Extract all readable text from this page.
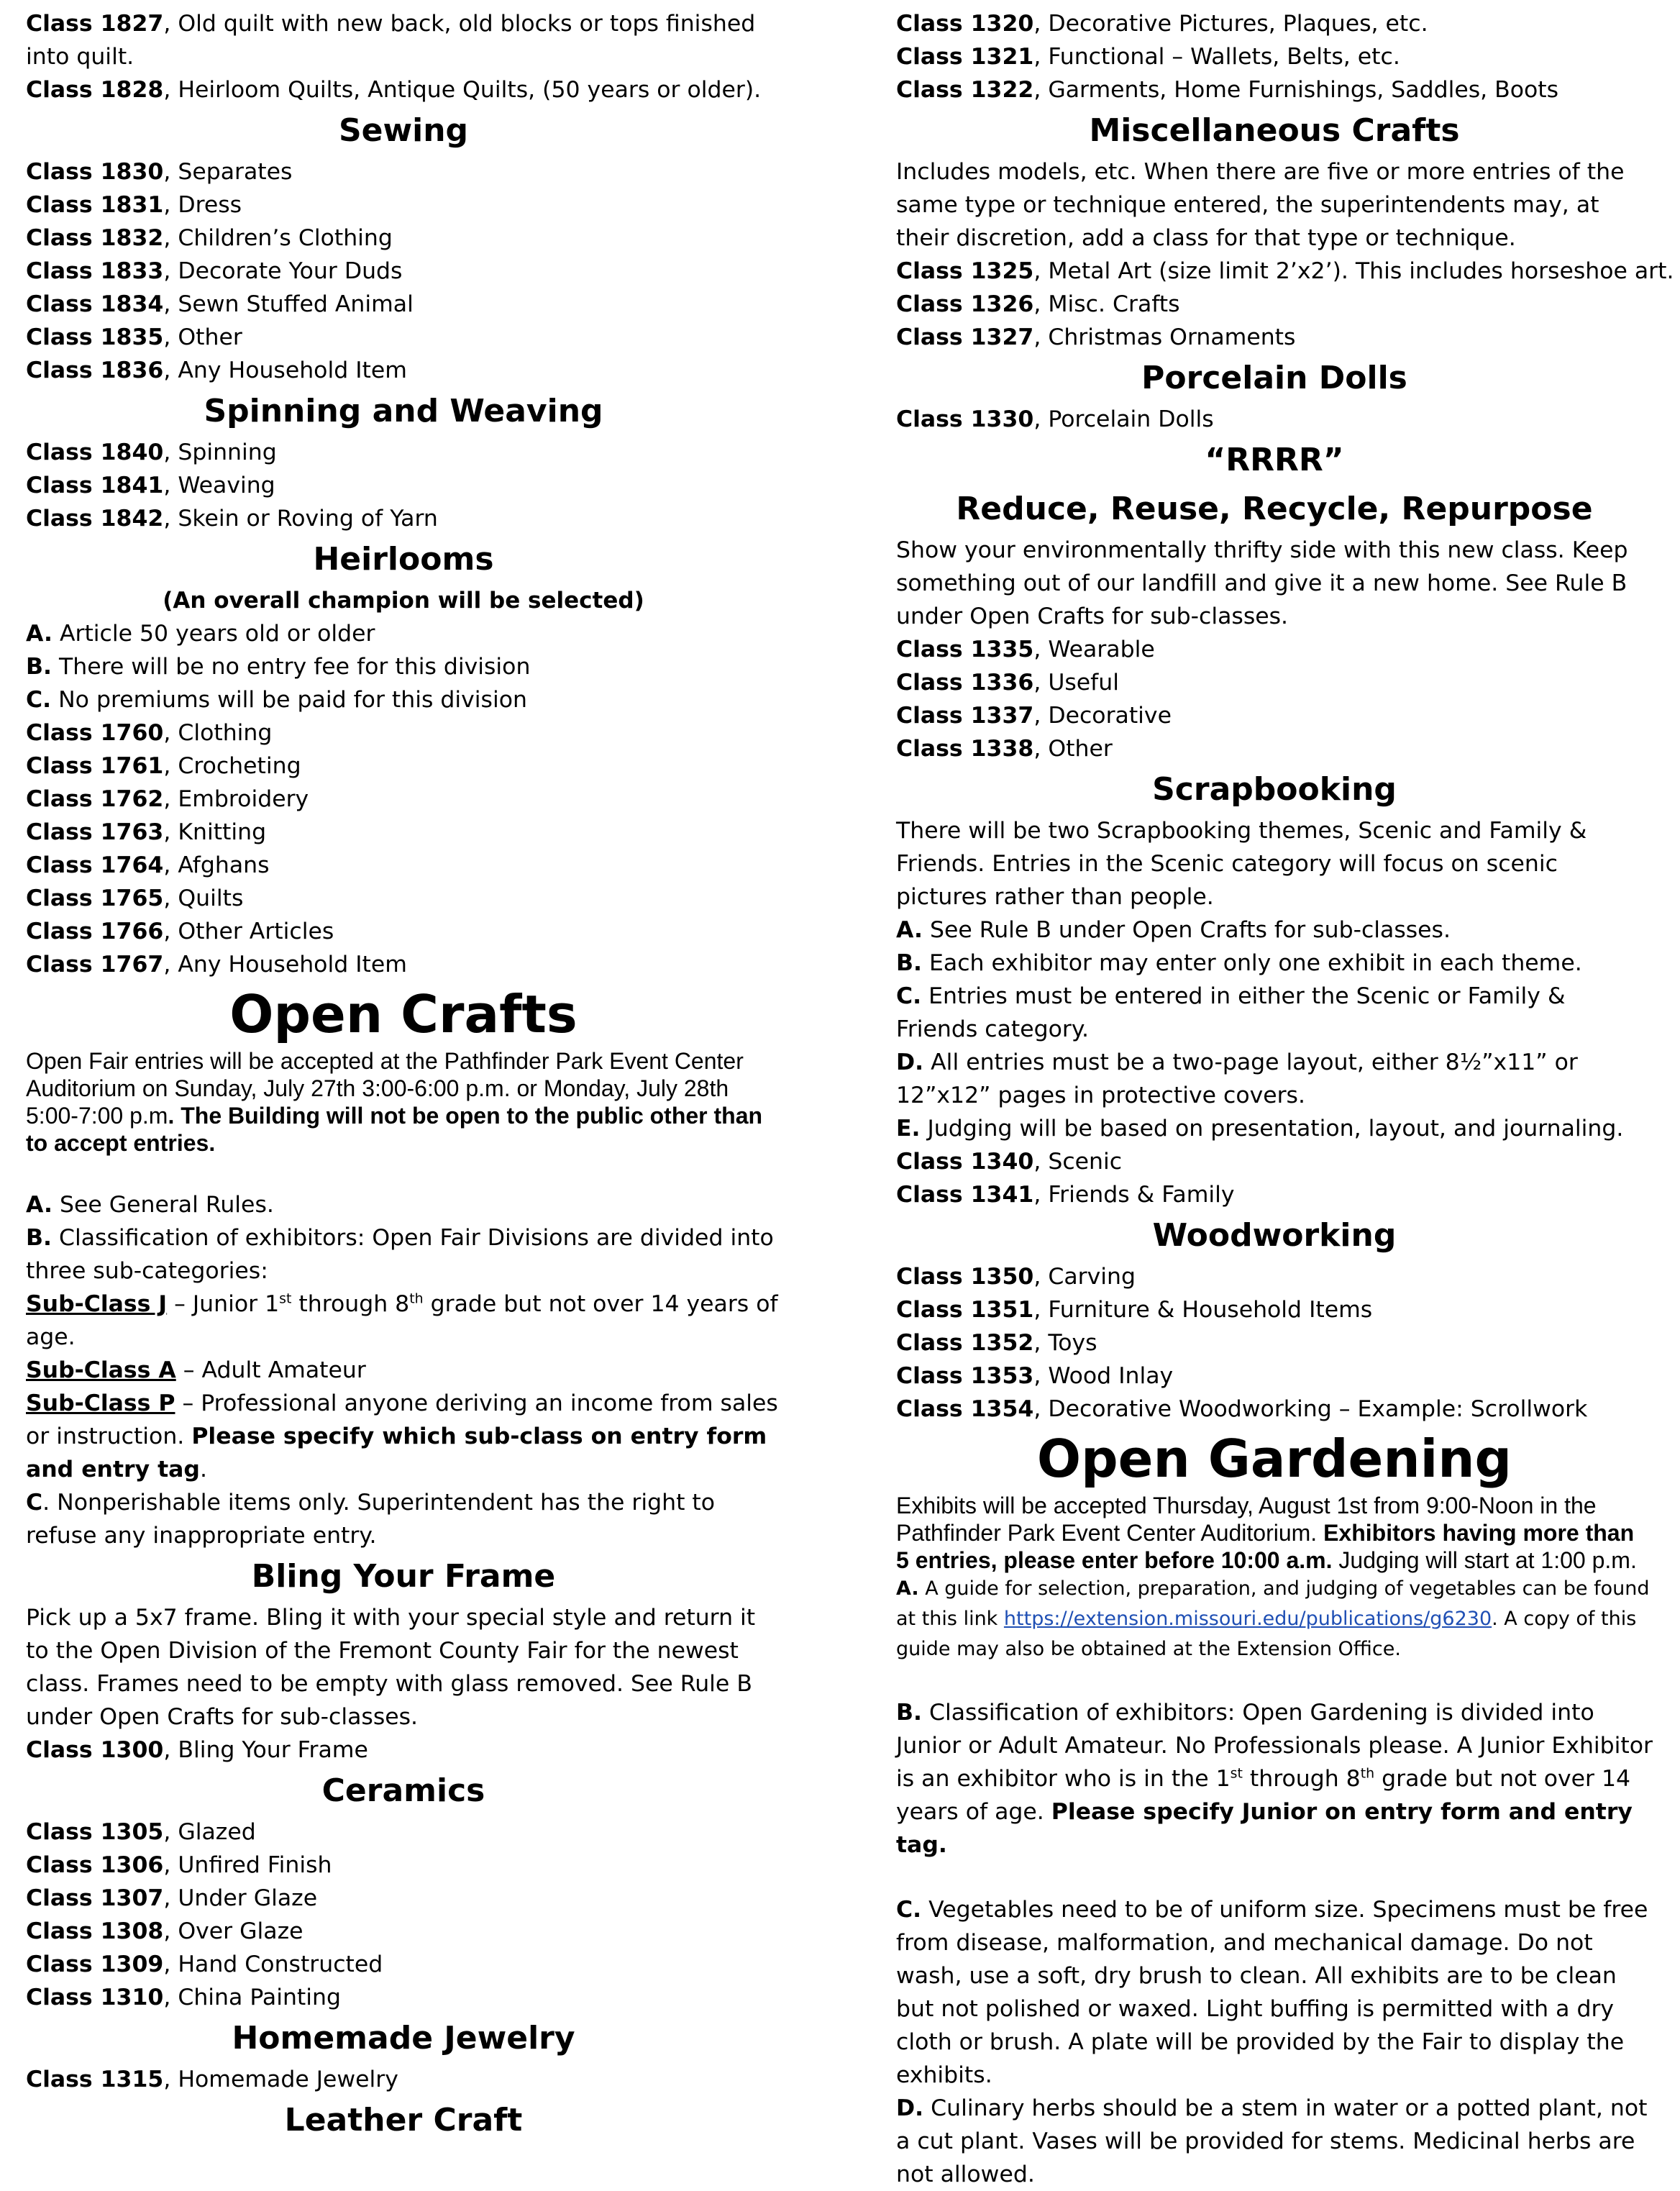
Class 1827, Old quilt with new back, old blocks or tops finished into quilt.
Class 1828, Heirloom Quilts, Antique Quilts, (50 years or older).
Sewing
Class 1830, Separates
Class 1831, Dress
Class 1832, Children’s Clothing
Class 1833, Decorate Your Duds
Class 1834, Sewn Stuffed Animal
Class 1835, Other
Class 1836, Any Household Item
Spinning and Weaving
Class 1840, Spinning
Class 1841, Weaving
Class 1842, Skein or Roving of Yarn
Heirlooms
(An overall champion will be selected)
A. Article 50 years old or older
B. There will be no entry fee for this division
C. No premiums will be paid for this division
Class 1760, Clothing
Class 1761, Crocheting
Class 1762, Embroidery
Class 1763, Knitting
Class 1764, Afghans
Class 1765, Quilts
Class 1766, Other Articles
Class 1767, Any Household Item
Open Crafts
Open Fair entries will be accepted at the Pathfinder Park Event Center Auditorium on Sunday, July 27th 3:00-6:00 p.m. or Monday, July 28th 5:00-7:00 p.m. The Building will not be open to the public other than to accept entries.
A. See General Rules.
B. Classification of exhibitors: Open Fair Divisions are divided into three sub-categories:
Sub-Class J – Junior 1st through 8th grade but not over 14 years of age.
Sub-Class A – Adult Amateur
Sub-Class P – Professional anyone deriving an income from sales or instruction. Please specify which sub-class on entry form and entry tag.
C. Nonperishable items only. Superintendent has the right to refuse any inappropriate entry.
Bling Your Frame
Pick up a 5x7 frame. Bling it with your special style and return it to the Open Division of the Fremont County Fair for the newest class. Frames need to be empty with glass removed. See Rule B under Open Crafts for sub-classes.
Class 1300, Bling Your Frame
Ceramics
Class 1305, Glazed
Class 1306, Unfired Finish
Class 1307, Under Glaze
Class 1308, Over Glaze
Class 1309, Hand Constructed
Class 1310, China Painting
Homemade Jewelry
Class 1315, Homemade Jewelry
Leather Craft
Class 1320, Decorative Pictures, Plaques, etc.
Class 1321, Functional – Wallets, Belts, etc.
Class 1322, Garments, Home Furnishings, Saddles, Boots
Miscellaneous Crafts
Includes models, etc. When there are five or more entries of the same type or technique entered, the superintendents may, at their discretion, add a class for that type or technique.
Class 1325, Metal Art (size limit 2’x2’). This includes horseshoe art.
Class 1326, Misc. Crafts
Class 1327, Christmas Ornaments
Porcelain Dolls
Class 1330, Porcelain Dolls
“RRRR”
Reduce, Reuse, Recycle, Repurpose
Show your environmentally thrifty side with this new class. Keep something out of our landfill and give it a new home. See Rule B under Open Crafts for sub-classes.
Class 1335, Wearable
Class 1336, Useful
Class 1337, Decorative
Class 1338, Other
Scrapbooking
There will be two Scrapbooking themes, Scenic and Family & Friends. Entries in the Scenic category will focus on scenic pictures rather than people.
A. See Rule B under Open Crafts for sub-classes.
B. Each exhibitor may enter only one exhibit in each theme.
C. Entries must be entered in either the Scenic or Family & Friends category.
D. All entries must be a two-page layout, either 8½”x11” or 12”x12” pages in protective covers.
E. Judging will be based on presentation, layout, and journaling.
Class 1340, Scenic
Class 1341, Friends & Family
Woodworking
Class 1350, Carving
Class 1351, Furniture & Household Items
Class 1352, Toys
Class 1353, Wood Inlay
Class 1354, Decorative Woodworking – Example: Scrollwork
Open Gardening
Exhibits will be accepted Thursday, August 1st from 9:00-Noon in the Pathfinder Park Event Center Auditorium. Exhibitors having more than 5 entries, please enter before 10:00 a.m. Judging will start at 1:00 p.m.
A. A guide for selection, preparation, and judging of vegetables can be found at this link https://extension.missouri.edu/publications/g6230. A copy of this guide may also be obtained at the Extension Office.
B. Classification of exhibitors: Open Gardening is divided into Junior or Adult Amateur. No Professionals please. A Junior Exhibitor is an exhibitor who is in the 1st through 8th grade but not over 14 years of age. Please specify Junior on entry form and entry tag.
C. Vegetables need to be of uniform size. Specimens must be free from disease, malformation, and mechanical damage. Do not wash, use a soft, dry brush to clean. All exhibits are to be clean but not polished or waxed. Light buffing is permitted with a dry cloth or brush. A plate will be provided by the Fair to display the exhibits.
D. Culinary herbs should be a stem in water or a potted plant, not a cut plant. Vases will be provided for stems. Medicinal herbs are not allowed.
